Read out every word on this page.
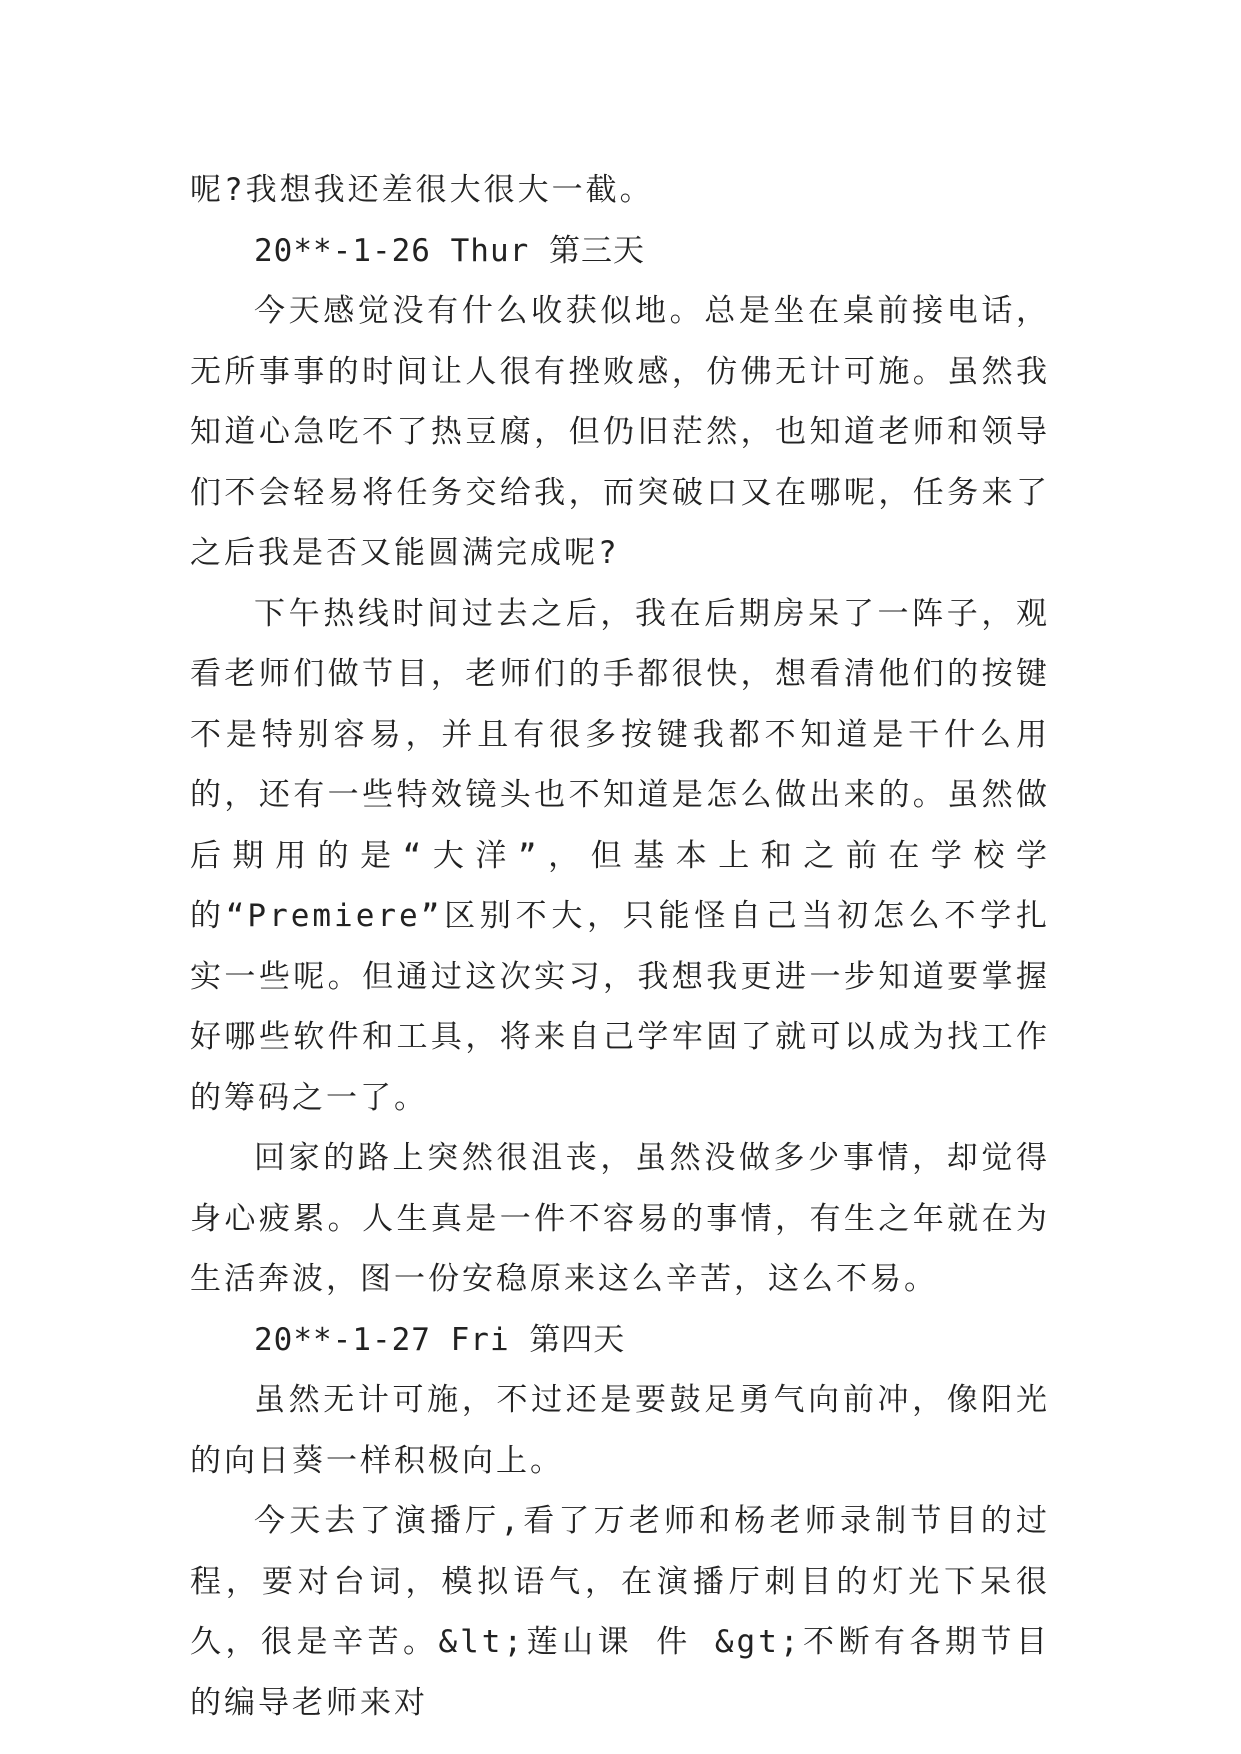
呢?我想我还差很大很大一截。

20**-1-26 Thur 第三天

今天感觉没有什么收获似地。总是坐在桌前接电话，无所事事的时间让人很有挫败感，仿佛无计可施。虽然我知道心急吃不了热豆腐，但仍旧茫然，也知道老师和领导们不会轻易将任务交给我，而突破口又在哪呢，任务来了之后我是否又能圆满完成呢?

下午热线时间过去之后，我在后期房呆了一阵子，观看老师们做节目，老师们的手都很快，想看清他们的按键不是特别容易，并且有很多按键我都不知道是干什么用的，还有一些特效镜头也不知道是怎么做出来的。虽然做后期用的是“大洋”，但基本上和之前在学校学的“Premiere”区别不大，只能怪自己当初怎么不学扎实一些呢。但通过这次实习，我想我更进一步知道要掌握好哪些软件和工具，将来自己学牢固了就可以成为找工作的筹码之一了。

回家的路上突然很沮丧，虽然没做多少事情，却觉得身心疲累。人生真是一件不容易的事情，有生之年就在为生活奔波，图一份安稳原来这么辛苦，这么不易。

20**-1-27 Fri 第四天

虽然无计可施，不过还是要鼓足勇气向前冲，像阳光的向日葵一样积极向上。

今天去了演播厅,看了万老师和杨老师录制节目的过程，要对台词，模拟语气，在演播厅刺目的灯光下呆很久，很是辛苦。&lt;莲山课 件 &gt;不断有各期节目的编导老师来对
